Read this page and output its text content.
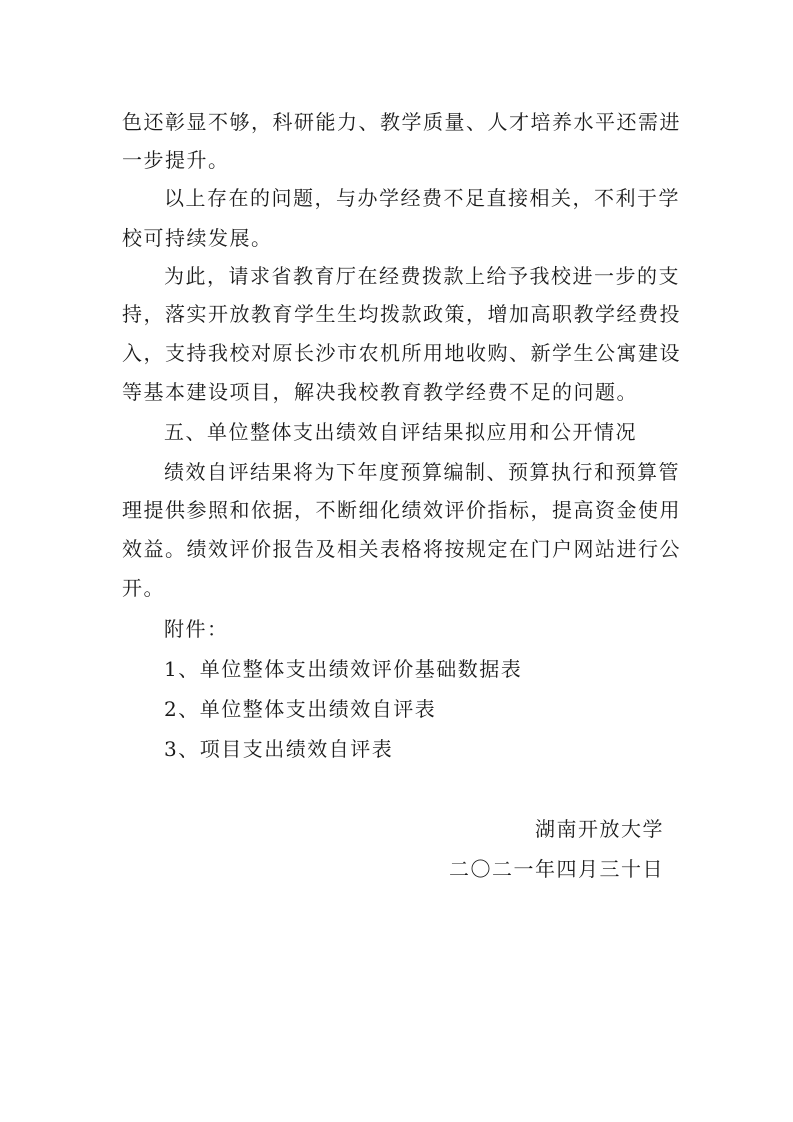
色还彰显不够，科研能力、教学质量、人才培养水平还需进
一步提升。
以上存在的问题，与办学经费不足直接相关，不利于学
校可持续发展。
为此，请求省教育厅在经费拨款上给予我校进一步的支
持，落实开放教育学生生均拨款政策，增加高职教学经费投
入，支持我校对原长沙市农机所用地收购、新学生公寓建设
等基本建设项目，解决我校教育教学经费不足的问题。
五、单位整体支出绩效自评结果拟应用和公开情况
绩效自评结果将为下年度预算编制、预算执行和预算管
理提供参照和依据，不断细化绩效评价指标，提高资金使用
效益。绩效评价报告及相关表格将按规定在门户网站进行公
开。
附件：
1、单位整体支出绩效评价基础数据表
2、单位整体支出绩效自评表
3、项目支出绩效自评表
湖南开放大学
二〇二一年四月三十日
